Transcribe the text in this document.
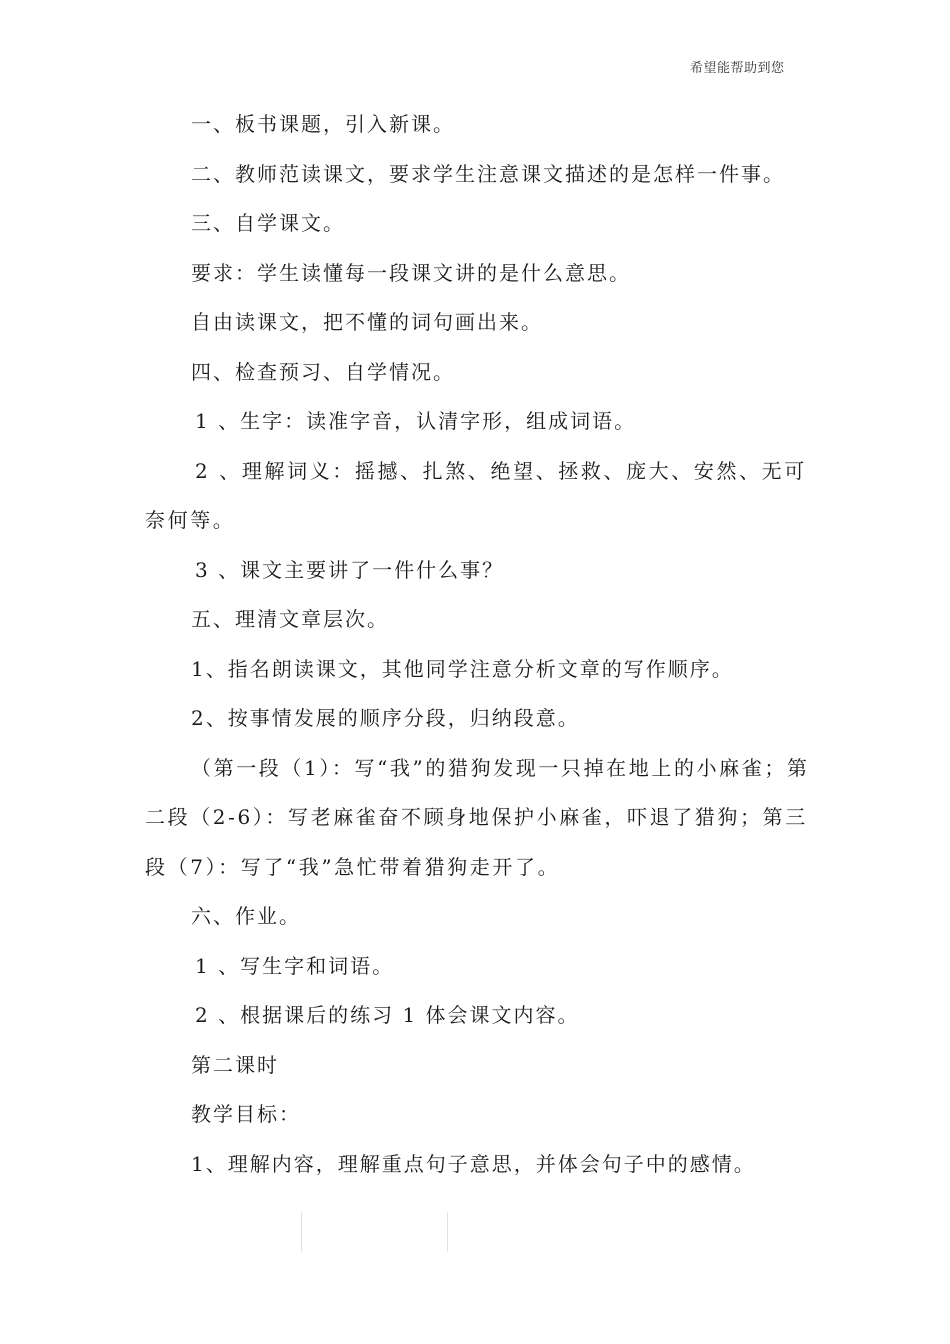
希望能帮助到您
一、板书课题，引入新课。
二、教师范读课文，要求学生注意课文描述的是怎样一件事。
三、自学课文。
要求：学生读懂每一段课文讲的是什么意思。
自由读课文，把不懂的词句画出来。
四、检查预习、自学情况。
1 、生字：读准字音，认清字形，组成词语。
2 、理解词义：摇撼、扎煞、绝望、拯救、庞大、安然、无可奈何等。
3 、课文主要讲了一件什么事？
五、理清文章层次。
1、指名朗读课文，其他同学注意分析文章的写作顺序。
2、按事情发展的顺序分段，归纳段意。
（第一段（1）：写“我”的猎狗发现一只掉在地上的小麻雀；第二段（2-6）：写老麻雀奋不顾身地保护小麻雀，吓退了猎狗；第三段（7）：写了“我”急忙带着猎狗走开了。
六、作业。
1 、写生字和词语。
2 、根据课后的练习 1 体会课文内容。
第二课时
教学目标：
1、理解内容，理解重点句子意思，并体会句子中的感情。
